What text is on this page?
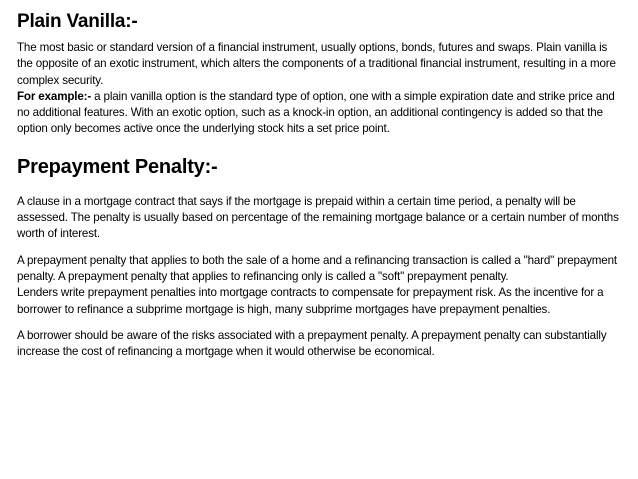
Plain Vanilla:-

The most basic or standard version of a financial instrument, usually options, bonds, futures and swaps. Plain vanilla is the opposite of an exotic instrument, which alters the components of a traditional financial instrument, resulting in a more complex security.

For example:- a plain vanilla option is the standard type of option, one with a simple expiration date and strike price and no additional features. With an exotic option, such as a knock-in option, an additional contingency is added so that the option only becomes active once the underlying stock hits a set price point.

Prepayment Penalty:-

A clause in a mortgage contract that says if the mortgage is prepaid within a certain time period, a penalty will be assessed. The penalty is usually based on percentage of the remaining mortgage balance or a certain number of months worth of interest.

A prepayment penalty that applies to both the sale of a home and a refinancing transaction is called a "hard" prepayment penalty. A prepayment penalty that applies to refinancing only is called a "soft" prepayment penalty.

Lenders write prepayment penalties into mortgage contracts to compensate for prepayment risk. As the incentive for a borrower to refinance a subprime mortgage is high, many subprime mortgages have prepayment penalties.

A borrower should be aware of the risks associated with a prepayment penalty. A prepayment penalty can substantially increase the cost of refinancing a mortgage when it would otherwise be economical.
